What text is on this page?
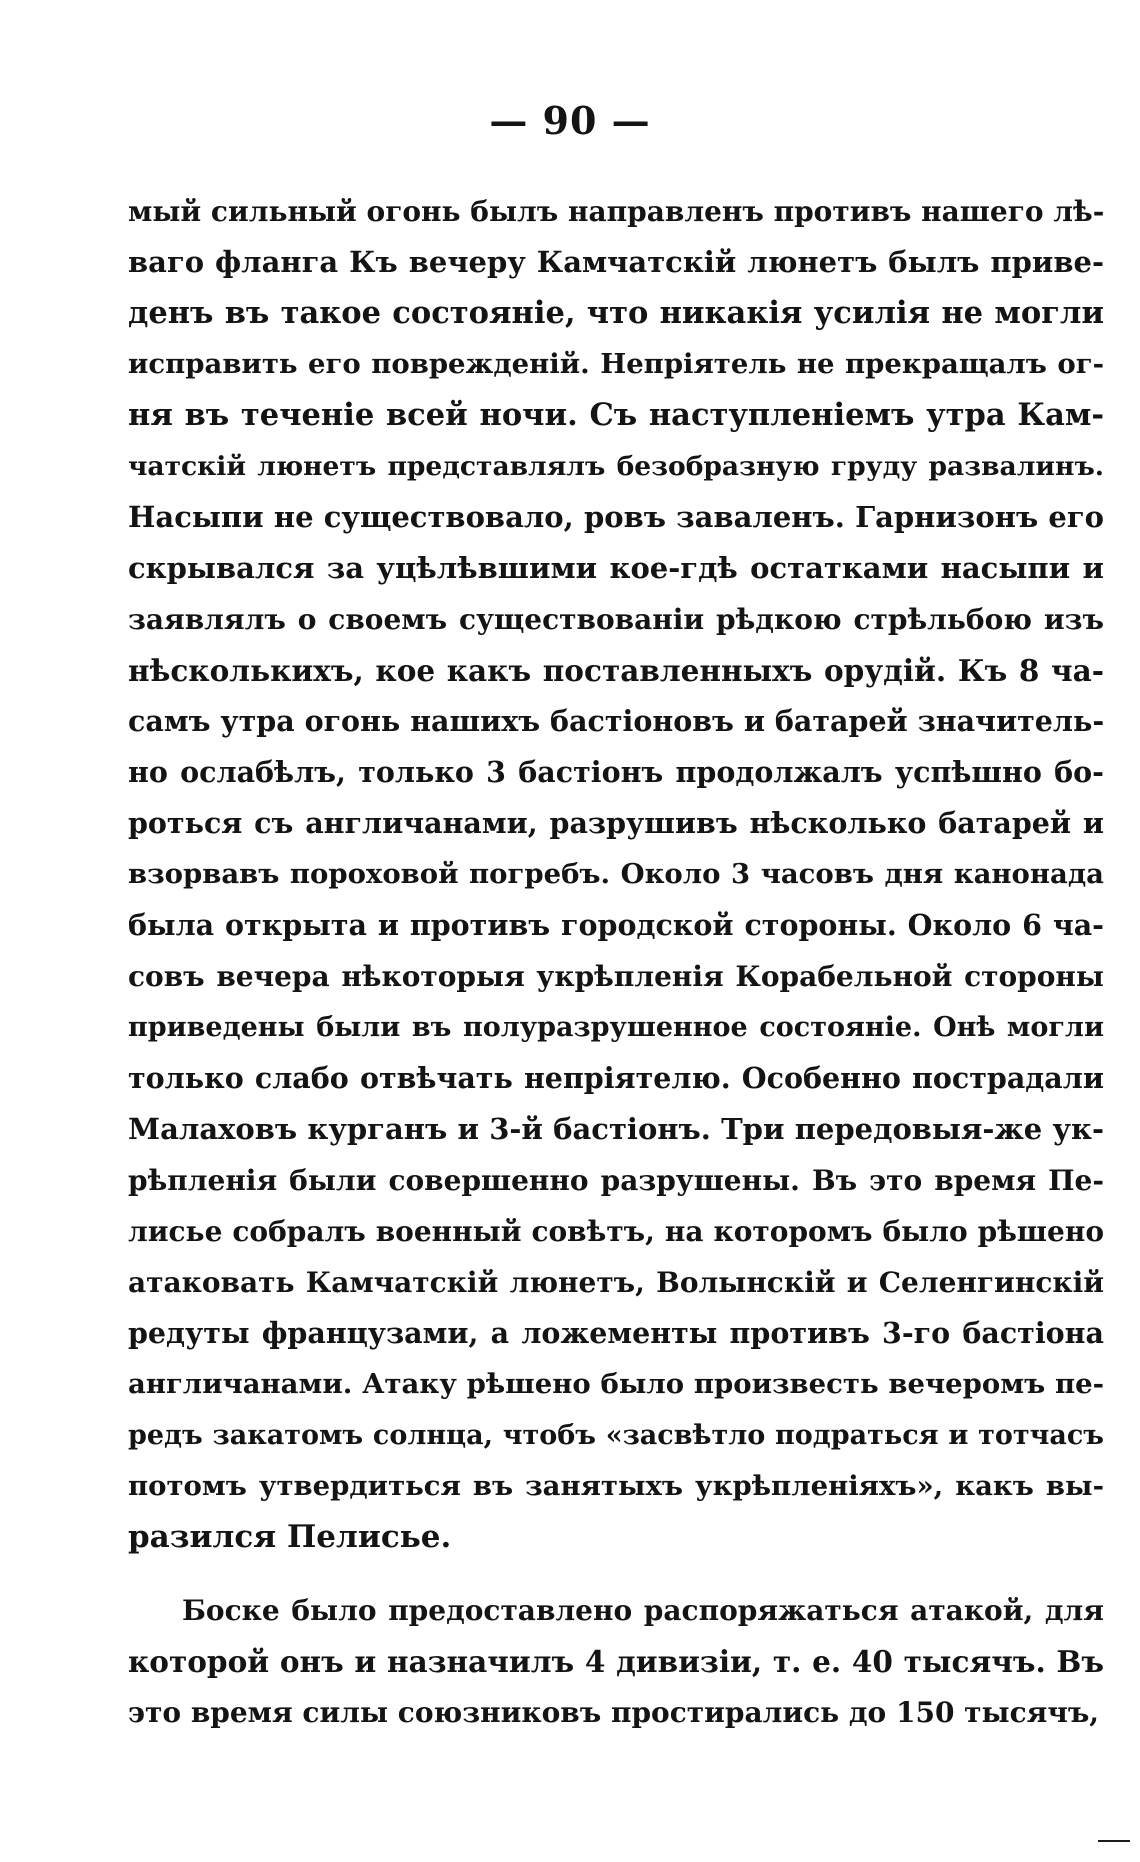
— 90 —
мый сильный огонь былъ направленъ противъ нашего лѣ-
ваго фланга Къ вечеру Камчатскій люнетъ былъ приве-
денъ въ такое состояніе, что никакія усилія не могли
исправить его поврежденій. Непріятель не прекращалъ ог-
ня въ теченіе всей ночи. Съ наступленіемъ утра Кам-
чатскій люнетъ представлялъ безобразную груду развалинъ.
Насыпи не существовало, ровъ заваленъ. Гарнизонъ его
скрывался за уцѣлѣвшими кое-гдѣ остатками насыпи и
заявлялъ о своемъ существованіи рѣдкою стрѣльбою изъ
нѣсколькихъ, кое какъ поставленныхъ орудій. Къ 8 ча-
самъ утра огонь нашихъ бастіоновъ и батарей значитель-
но ослабѣлъ, только 3 бастіонъ продолжалъ успѣшно бо-
роться съ англичанами, разрушивъ нѣсколько батарей и
взорвавъ пороховой погребъ. Около 3 часовъ дня канонада
была открыта и противъ городской стороны. Около 6 ча-
совъ вечера нѣкоторыя укрѣпленія Корабельной стороны
приведены были въ полуразрушенное состояніе. Онѣ могли
только слабо отвѣчать непріятелю. Особенно пострадали
Малаховъ курганъ и 3-й бастіонъ. Три передовыя-же ук-
рѣпленія были совершенно разрушены. Въ это время Пе-
лисье собралъ военный совѣтъ, на которомъ было рѣшено
атаковать Камчатскій люнетъ, Волынскій и Селенгинскій
редуты французами, а ложементы противъ 3-го бастіона
англичанами. Атаку рѣшено было произвесть вечеромъ пе-
редъ закатомъ солнца, чтобъ «засвѣтло подраться и тотчасъ
потомъ утвердиться въ занятыхъ укрѣпленіяхъ», какъ вы-
разился Пелисье.
Боске было предоставлено распоряжаться атакой, для
которой онъ и назначилъ 4 дивизіи, т. е. 40 тысячъ. Въ
это время силы союзниковъ простирались до 150 тысячъ,
